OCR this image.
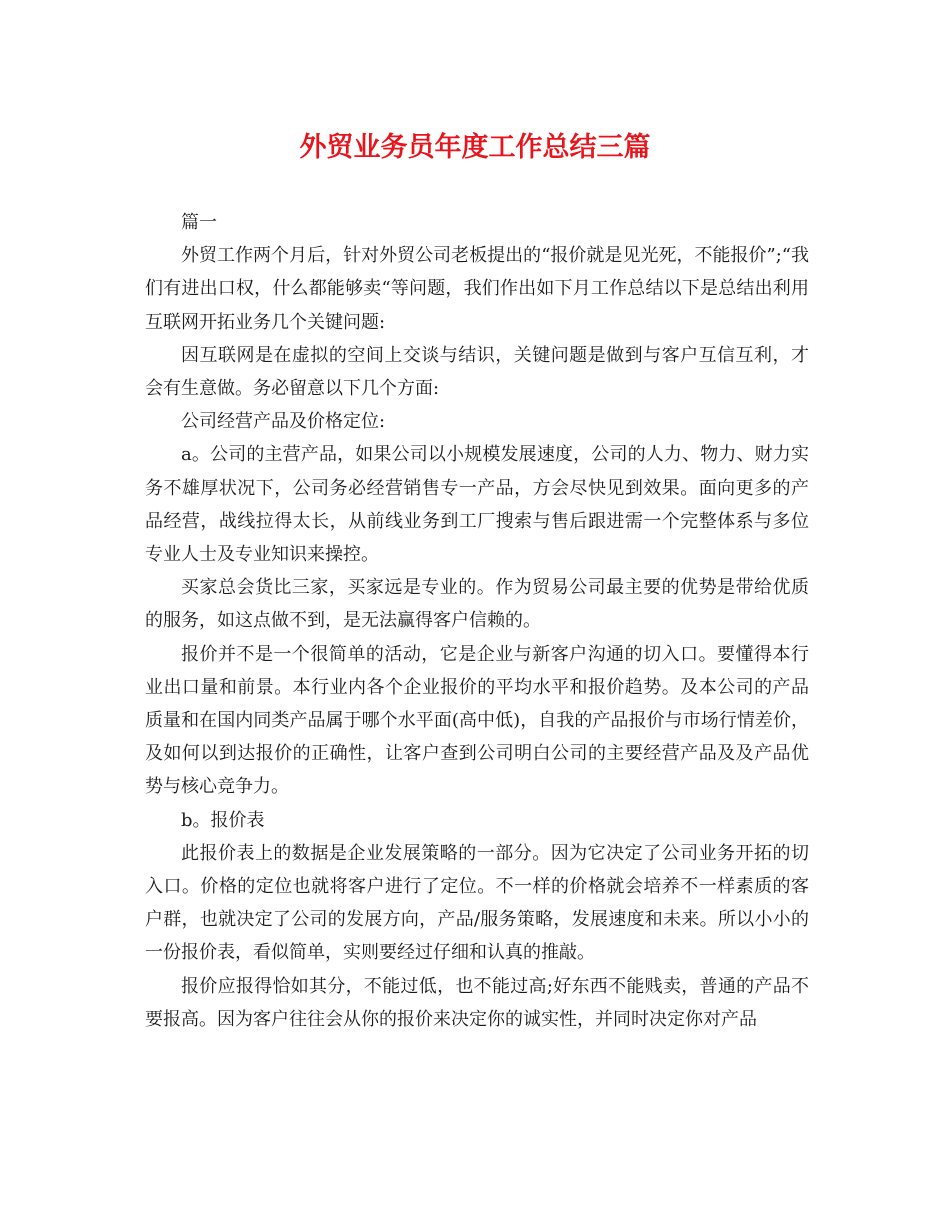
外贸业务员年度工作总结三篇

篇一

外贸工作两个月后，针对外贸公司老板提出的“报价就是见光死，不能报价”;“我们有进出口权，什么都能够卖“等问题，我们作出如下月工作总结以下是总结出利用互联网开拓业务几个关键问题:

因互联网是在虚拟的空间上交谈与结识，关键问题是做到与客户互信互利，才会有生意做。务必留意以下几个方面:

公司经营产品及价格定位:

a。公司的主营产品，如果公司以小规模发展速度，公司的人力、物力、财力实务不雄厚状况下，公司务必经营销售专一产品，方会尽快见到效果。面向更多的产品经营，战线拉得太长，从前线业务到工厂搜索与售后跟进需一个完整体系与多位专业人士及专业知识来操控。

买家总会货比三家，买家远是专业的。作为贸易公司最主要的优势是带给优质的服务，如这点做不到，是无法赢得客户信赖的。

报价并不是一个很简单的活动，它是企业与新客户沟通的切入口。要懂得本行业出口量和前景。本行业内各个企业报价的平均水平和报价趋势。及本公司的产品质量和在国内同类产品属于哪个水平面(高中低)，自我的产品报价与市场行情差价，及如何以到达报价的正确性，让客户查到公司明白公司的主要经营产品及及产品优势与核心竞争力。

b。报价表

此报价表上的数据是企业发展策略的一部分。因为它决定了公司业务开拓的切入口。价格的定位也就将客户进行了定位。不一样的价格就会培养不一样素质的客户群，也就决定了公司的发展方向，产品/服务策略，发展速度和未来。所以小小的一份报价表，看似简单，实则要经过仔细和认真的推敲。

报价应报得恰如其分，不能过低，也不能过高;好东西不能贱卖，普通的产品不要报高。因为客户往往会从你的报价来决定你的诚实性，并同时决定你对产品
